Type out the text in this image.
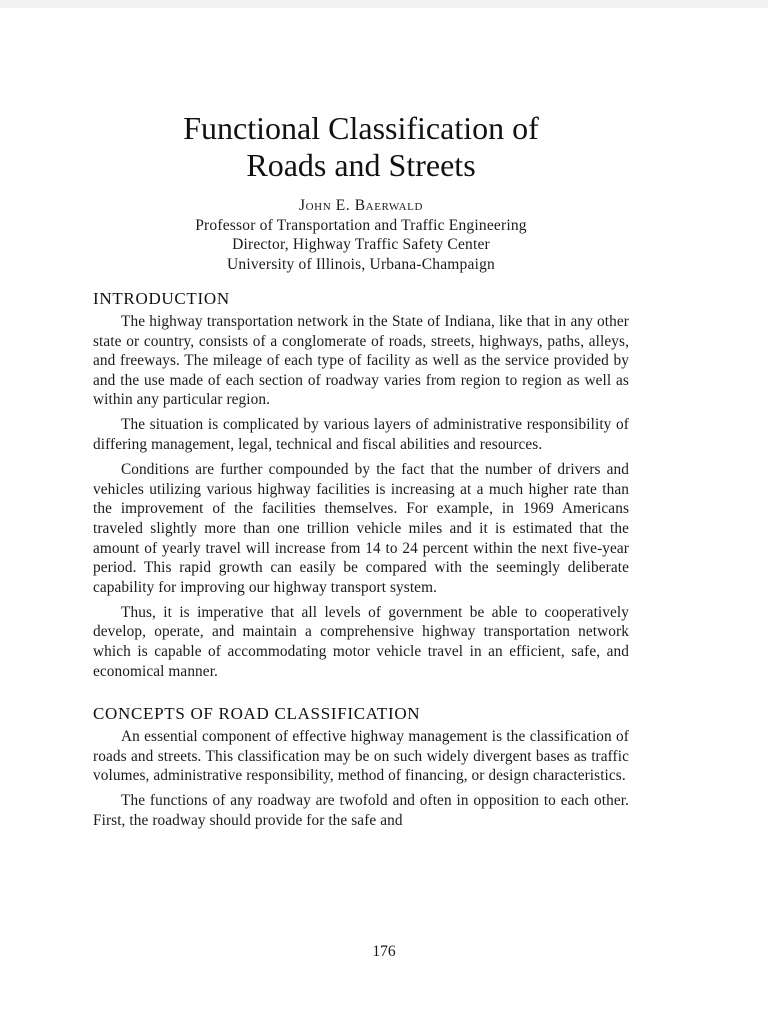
Functional Classification of
Roads and Streets
John E. Baerwald
Professor of Transportation and Traffic Engineering
Director, Highway Traffic Safety Center
University of Illinois, Urbana-Champaign
INTRODUCTION

The highway transportation network in the State of Indiana, like that in any other state or country, consists of a conglomerate of roads, streets, highways, paths, alleys, and freeways. The mileage of each type of facility as well as the service provided by and the use made of each section of roadway varies from region to region as well as within any particular region.

The situation is complicated by various layers of administrative responsibility of differing management, legal, technical and fiscal abilities and resources.

Conditions are further compounded by the fact that the number of drivers and vehicles utilizing various highway facilities is increasing at a much higher rate than the improvement of the facilities themselves. For example, in 1969 Americans traveled slightly more than one trillion vehicle miles and it is estimated that the amount of yearly travel will increase from 14 to 24 percent within the next five-year period. This rapid growth can easily be compared with the seemingly deliberate capability for improving our highway transport system.

Thus, it is imperative that all levels of government be able to cooperatively develop, operate, and maintain a comprehensive highway transportation network which is capable of accommodating motor vehicle travel in an efficient, safe, and economical manner.

CONCEPTS OF ROAD CLASSIFICATION

An essential component of effective highway management is the classification of roads and streets. This classification may be on such widely divergent bases as traffic volumes, administrative responsibility, method of financing, or design characteristics.

The functions of any roadway are twofold and often in opposition to each other. First, the roadway should provide for the safe and

176
